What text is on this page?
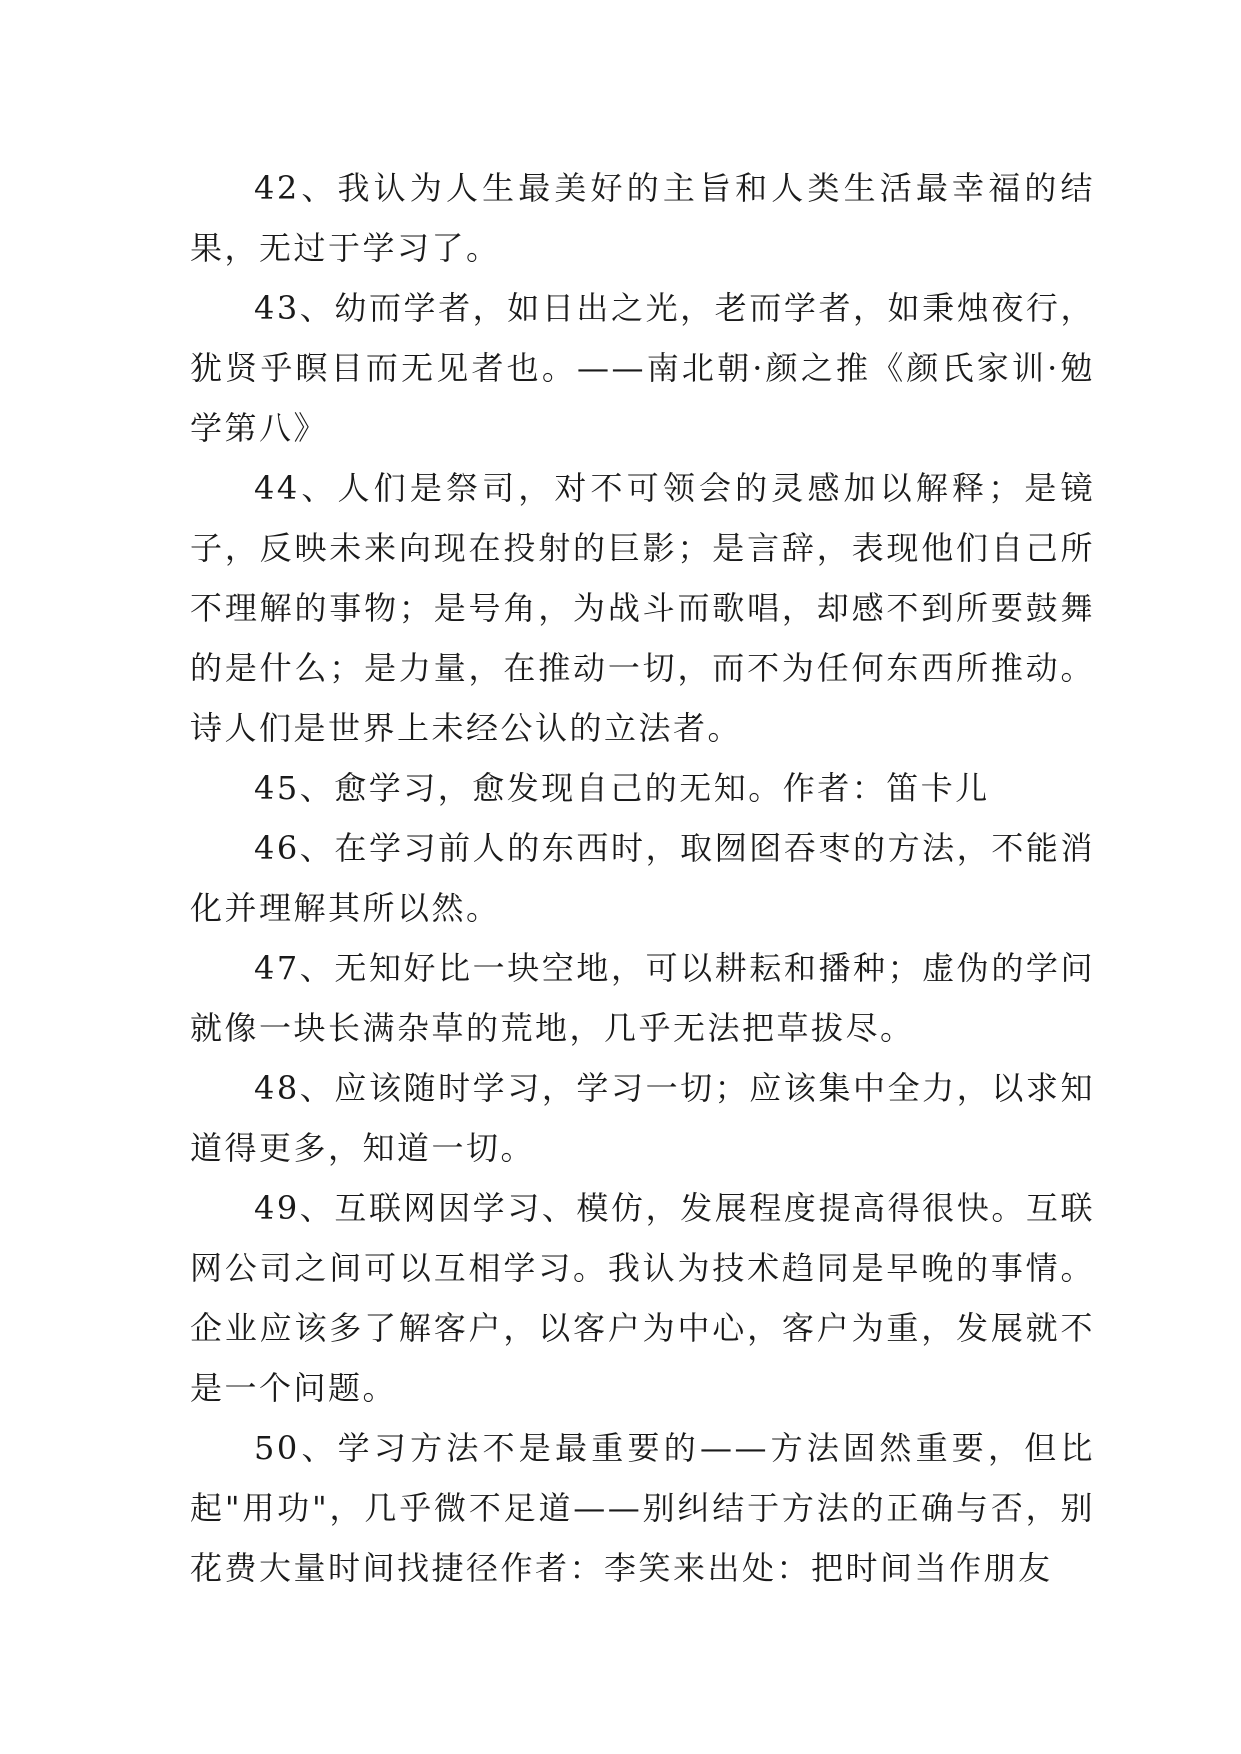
42、我认为人生最美好的主旨和人类生活最幸福的结果，无过于学习了。

43、幼而学者，如日出之光，老而学者，如秉烛夜行，犹贤乎瞑目而无见者也。——南北朝·颜之推《颜氏家训·勉学第八》

44、人们是祭司，对不可领会的灵感加以解释；是镜子，反映未来向现在投射的巨影；是言辞，表现他们自己所不理解的事物；是号角，为战斗而歌唱，却感不到所要鼓舞的是什么；是力量，在推动一切，而不为任何东西所推动。诗人们是世界上未经公认的立法者。

45、愈学习，愈发现自己的无知。作者：笛卡儿

46、在学习前人的东西时，取囫囵吞枣的方法，不能消化并理解其所以然。

47、无知好比一块空地，可以耕耘和播种；虚伪的学问就像一块长满杂草的荒地，几乎无法把草拔尽。

48、应该随时学习，学习一切；应该集中全力，以求知道得更多，知道一切。

49、互联网因学习、模仿，发展程度提高得很快。互联网公司之间可以互相学习。我认为技术趋同是早晚的事情。企业应该多了解客户，以客户为中心，客户为重，发展就不是一个问题。

50、学习方法不是最重要的——方法固然重要，但比起"用功"，几乎微不足道——别纠结于方法的正确与否，别花费大量时间找捷径作者：李笑来出处：把时间当作朋友
